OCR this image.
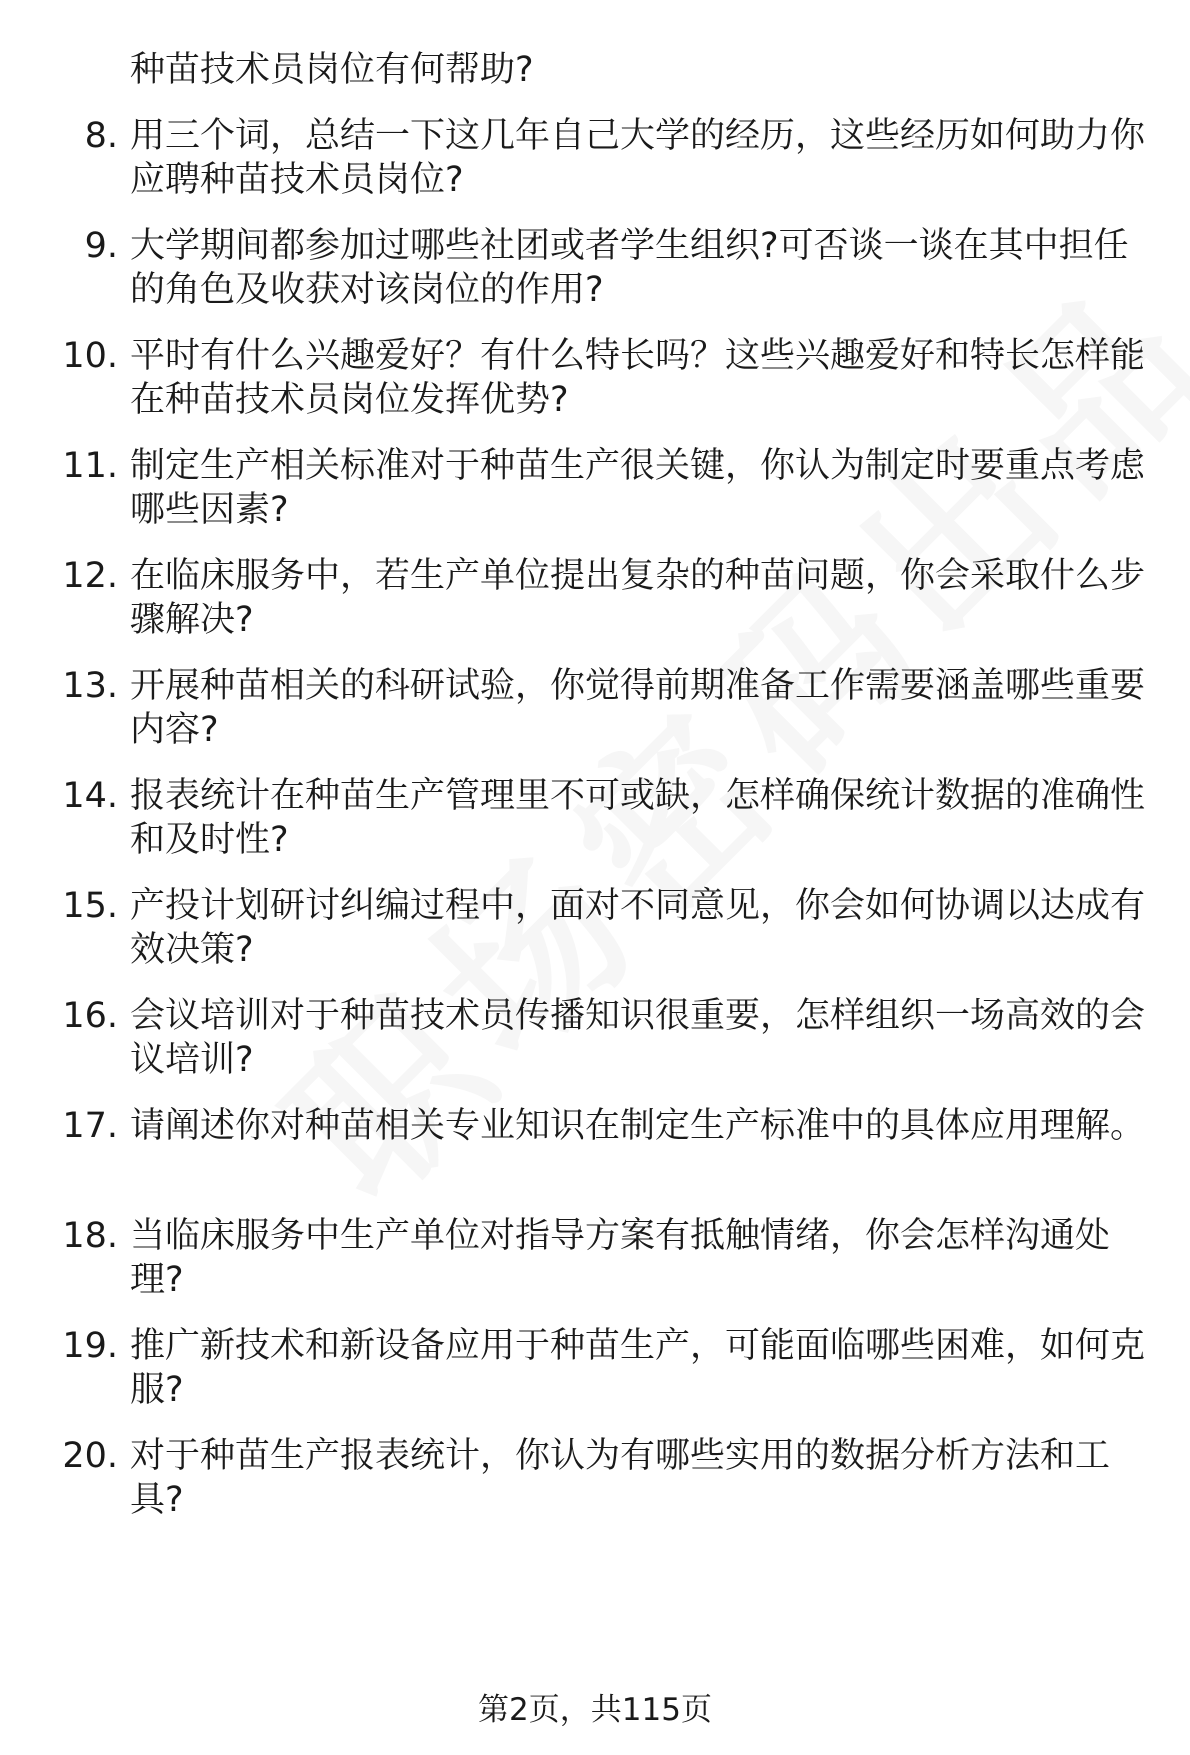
种苗技术员岗位有何帮助?
8. 用三个词，总结一下这几年自己大学的经历，这些经历如何助力你应聘种苗技术员岗位?
9. 大学期间都参加过哪些社团或者学生组织?可否谈一谈在其中担任的角色及收获对该岗位的作用?
10. 平时有什么兴趣爱好？有什么特长吗？这些兴趣爱好和特长怎样能在种苗技术员岗位发挥优势?
11. 制定生产相关标准对于种苗生产很关键，你认为制定时要重点考虑哪些因素?
12. 在临床服务中，若生产单位提出复杂的种苗问题，你会采取什么步骤解决?
13. 开展种苗相关的科研试验，你觉得前期准备工作需要涵盖哪些重要内容?
14. 报表统计在种苗生产管理里不可或缺，怎样确保统计数据的准确性和及时性?
15. 产投计划研讨纠编过程中，面对不同意见，你会如何协调以达成有效决策?
16. 会议培训对于种苗技术员传播知识很重要，怎样组织一场高效的会议培训?
17. 请阐述你对种苗相关专业知识在制定生产标准中的具体应用理解。
18. 当临床服务中生产单位对指导方案有抵触情绪，你会怎样沟通处理?
19. 推广新技术和新设备应用于种苗生产，可能面临哪些困难，如何克服?
20. 对于种苗生产报表统计，你认为有哪些实用的数据分析方法和工具?
第2页，共115页
